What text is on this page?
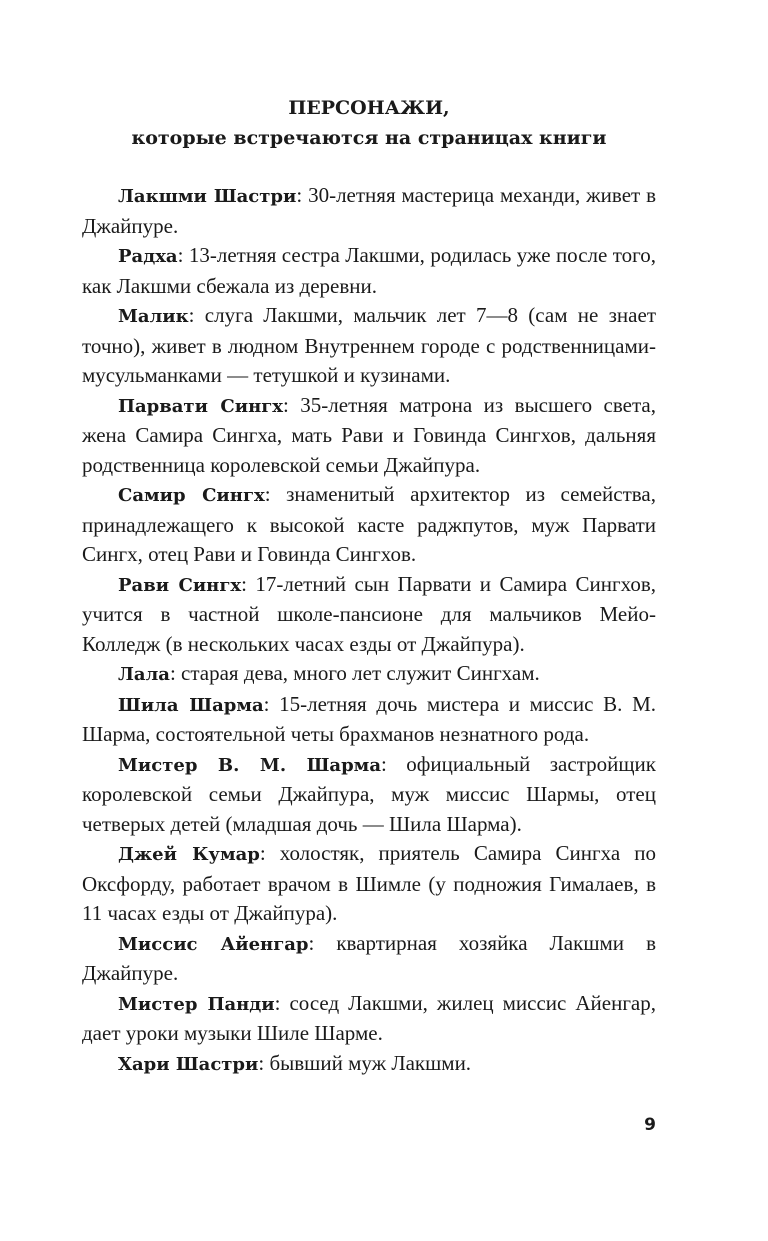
ПЕРСОНАЖИ,
которые встречаются на страницах книги

Лакшми Шастри: 30-летняя мастерица механди, живет в Джайпуре.

Радха: 13-летняя сестра Лакшми, родилась уже после того, как Лакшми сбежала из деревни.

Малик: слуга Лакшми, мальчик лет 7—8 (сам не знает точно), живет в людном Внутреннем городе с родственницами-мусульманками — тетушкой и кузинами.

Парвати Сингх: 35-летняя матрона из высшего света, жена Самира Сингха, мать Рави и Говинда Сингхов, дальняя родственница королевской семьи Джайпура.

Самир Сингх: знаменитый архитектор из семейства, принадлежащего к высокой касте раджпутов, муж Парвати Сингх, отец Рави и Говинда Сингхов.

Рави Сингх: 17-летний сын Парвати и Самира Сингхов, учится в частной школе-пансионе для мальчиков Мейо-Колледж (в нескольких часах езды от Джайпура).

Лала: старая дева, много лет служит Сингхам.

Шила Шарма: 15-летняя дочь мистера и миссис В. М. Шарма, состоятельной четы брахманов незнатного рода.

Мистер В. М. Шарма: официальный застройщик королевской семьи Джайпура, муж миссис Шармы, отец четверых детей (младшая дочь — Шила Шарма).

Джей Кумар: холостяк, приятель Самира Сингха по Оксфорду, работает врачом в Шимле (у подножия Гималаев, в 11 часах езды от Джайпура).

Миссис Айенгар: квартирная хозяйка Лакшми в Джайпуре.

Мистер Панди: сосед Лакшми, жилец миссис Айенгар, дает уроки музыки Шиле Шарме.

Хари Шастри: бывший муж Лакшми.

9
